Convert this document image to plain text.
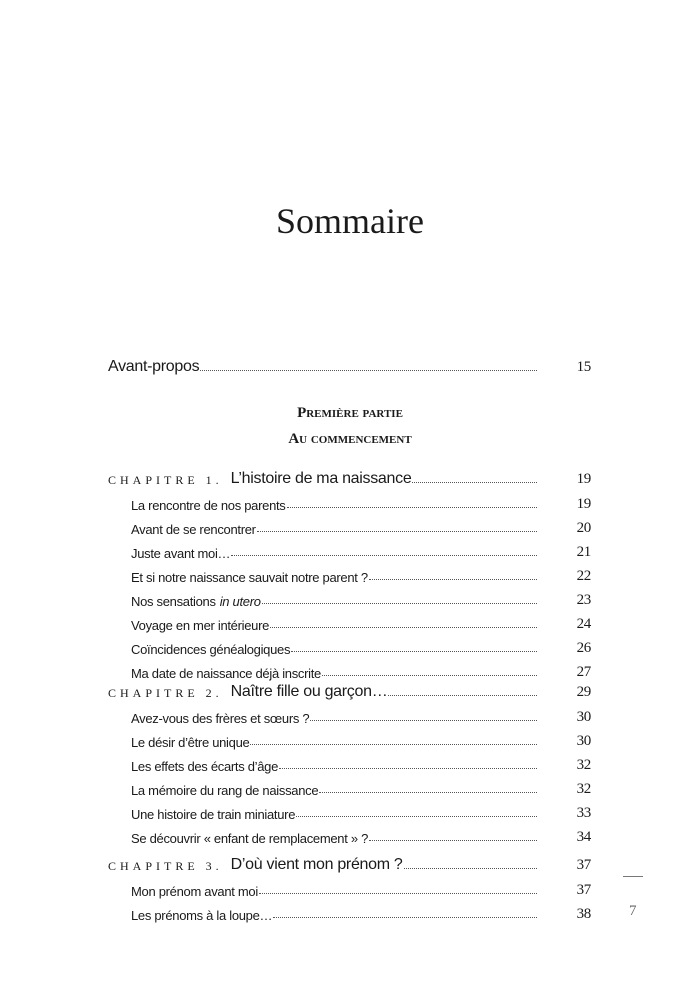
Sommaire
Avant-propos	15
Première partie
Au commencement
CHAPITRE 1. L’histoire de ma naissance	19
La rencontre de nos parents	19
Avant de se rencontrer	20
Juste avant moi…	21
Et si notre naissance sauvait notre parent ?	22
Nos sensations in utero	23
Voyage en mer intérieure	24
Coïncidences généalogiques	26
Ma date de naissance déjà inscrite	27
CHAPITRE 2. Naître fille ou garçon…	29
Avez-vous des frères et sœurs ?	30
Le désir d’être unique	30
Les effets des écarts d’âge	32
La mémoire du rang de naissance	32
Une histoire de train miniature	33
Se découvrir « enfant de remplacement » ?	34
CHAPITRE 3. D’où vient mon prénom ?	37
Mon prénom avant moi	37
Les prénoms à la loupe…	38	7
